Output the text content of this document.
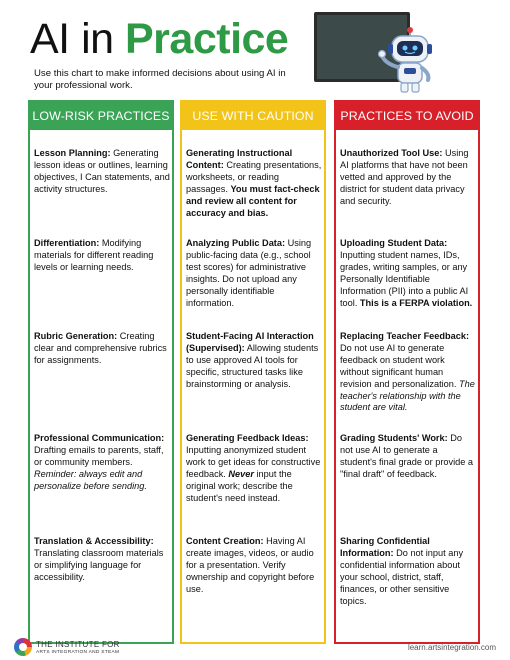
AI in Practice
Use this chart to make informed decisions about using AI in your professional work.
LOW-RISK PRACTICES
Lesson Planning: Generating lesson ideas or outlines, learning objectives, I Can statements, and activity structures.
Differentiation: Modifying materials for different reading levels or learning needs.
Rubric Generation: Creating clear and comprehensive rubrics for assignments.
Professional Communication: Drafting emails to parents, staff, or community members. Reminder: always edit and personalize before sending.
Translation & Accessibility: Translating classroom materials or simplifying language for accessibility.
USE WITH CAUTION
Generating Instructional Content: Creating presentations, worksheets, or reading passages. You must fact-check and review all content for accuracy and bias.
Analyzing Public Data: Using public-facing data (e.g., school test scores) for administrative insights. Do not upload any personally identifiable information.
Student-Facing AI Interaction (Supervised): Allowing students to use approved AI tools for specific, structured tasks like brainstorming or analysis.
Generating Feedback Ideas: Inputting anonymized student work to get ideas for constructive feedback. Never input the original work; describe the student's need instead.
Content Creation: Having AI create images, videos, or audio for a presentation. Verify ownership and copyright before use.
PRACTICES TO AVOID
Unauthorized Tool Use: Using AI platforms that have not been vetted and approved by the district for student data privacy and security.
Uploading Student Data: Inputting student names, IDs, grades, writing samples, or any Personally Identifiable Information (PII) into a public AI tool. This is a FERPA violation.
Replacing Teacher Feedback: Do not use AI to generate feedback on student work without significant human revision and personalization. The teacher's relationship with the student are vital.
Grading Students' Work: Do not use AI to generate a student's final grade or provide a "final draft" of feedback.
Sharing Confidential Information: Do not input any confidential information about your school, district, staff, finances, or other sensitive topics.
THE INSTITUTE FOR
ARTS INTEGRATION AND STEAM
learn.artsintegration.com
